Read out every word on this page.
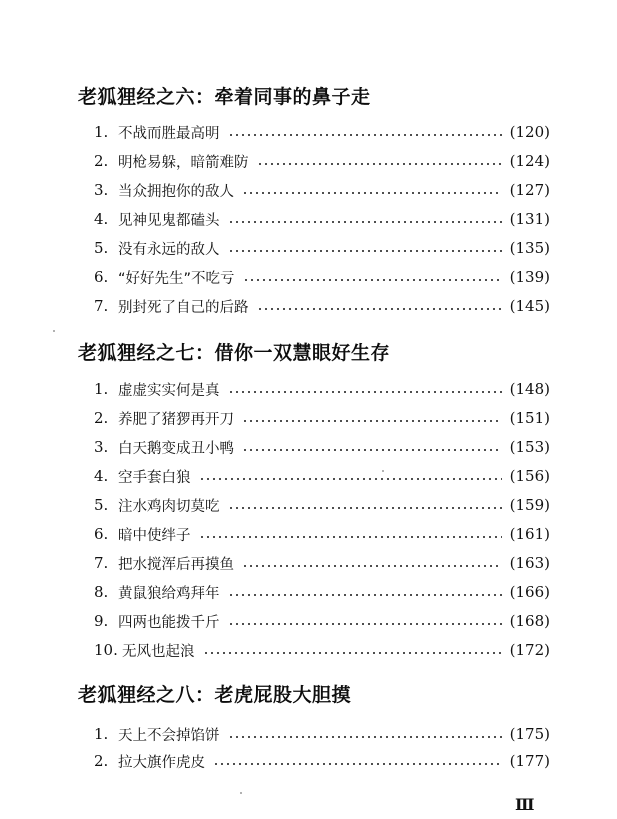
老狐狸经之六：牵着同事的鼻子走
1. 不战而胜最高明	(120)
2. 明枪易躲，暗箭难防	(124)
3. 当众拥抱你的敌人	(127)
4. 见神见鬼都磕头	(131)
5. 没有永远的敌人	(135)
6. “好好先生”不吃亏	(139)
7. 别封死了自己的后路	(145)
老狐狸经之七：借你一双慧眼好生存
1. 虚虚实实何是真	(148)
2. 养肥了猪猡再开刀	(151)
3. 白天鹅变成丑小鸭	(153)
4. 空手套白狼	(156)
5. 注水鸡肉切莫吃	(159)
6. 暗中使绊子	(161)
7. 把水搅浑后再摸鱼	(163)
8. 黄鼠狼给鸡拜年	(166)
9. 四两也能拨千斤	(168)
10. 无风也起浪	(172)
老狐狸经之八：老虎屁股大胆摸
1. 天上不会掉馅饼	(175)
2. 拉大旗作虎皮	(177)
Ⅲ
